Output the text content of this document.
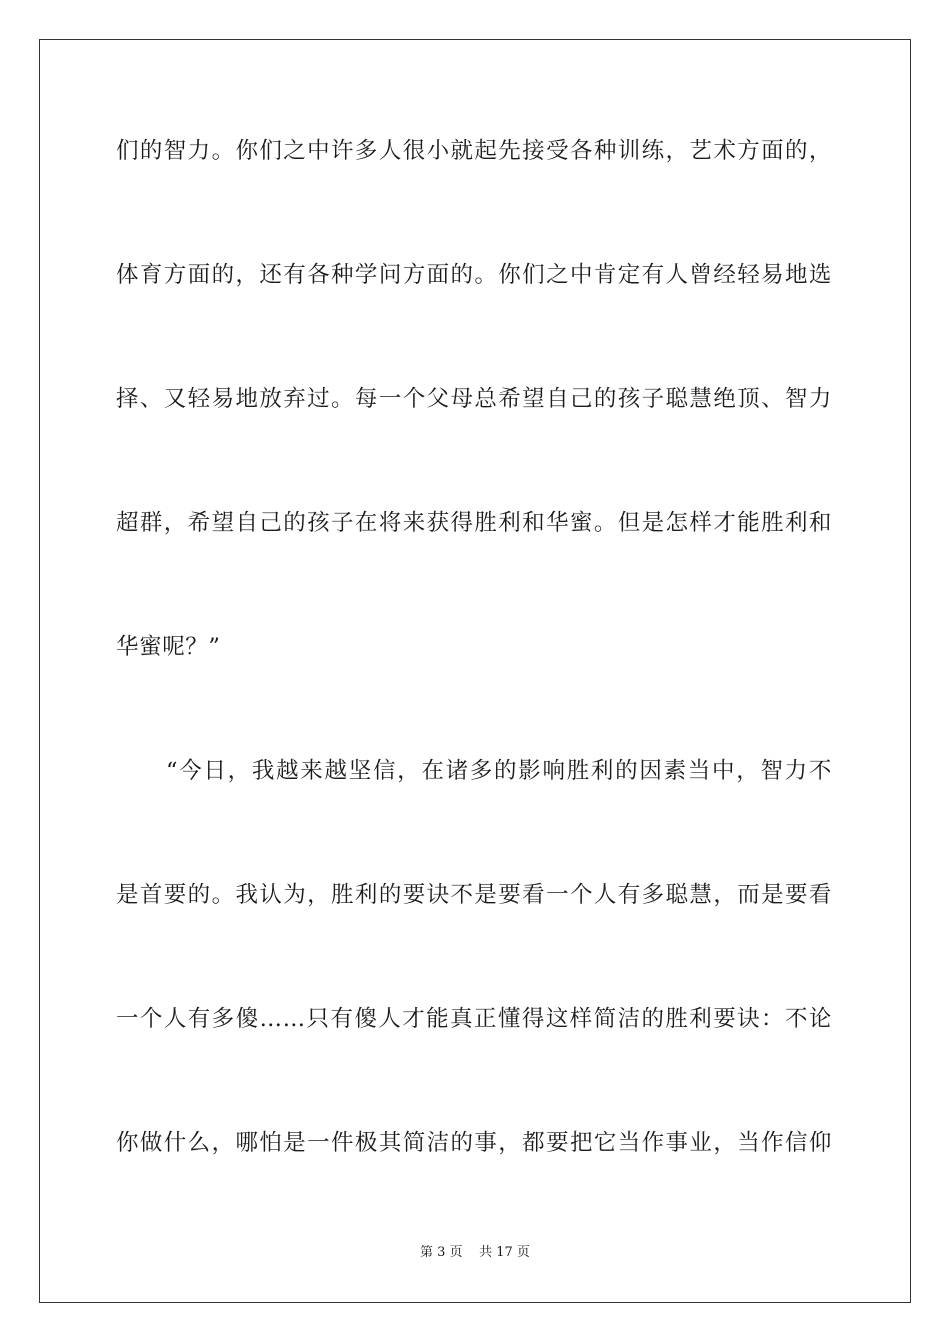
们的智力。你们之中许多人很小就起先接受各种训练，艺术方面的，
体育方面的，还有各种学问方面的。你们之中肯定有人曾经轻易地选
择、又轻易地放弃过。每一个父母总希望自己的孩子聪慧绝顶、智力
超群，希望自己的孩子在将来获得胜利和华蜜。但是怎样才能胜利和
华蜜呢？”
“今日，我越来越坚信，在诸多的影响胜利的因素当中，智力不
是首要的。我认为，胜利的要诀不是要看一个人有多聪慧，而是要看
一个人有多傻……只有傻人才能真正懂得这样简洁的胜利要诀：不论
你做什么，哪怕是一件极其简洁的事，都要把它当作事业，当作信仰
第 3 页 共 17 页
